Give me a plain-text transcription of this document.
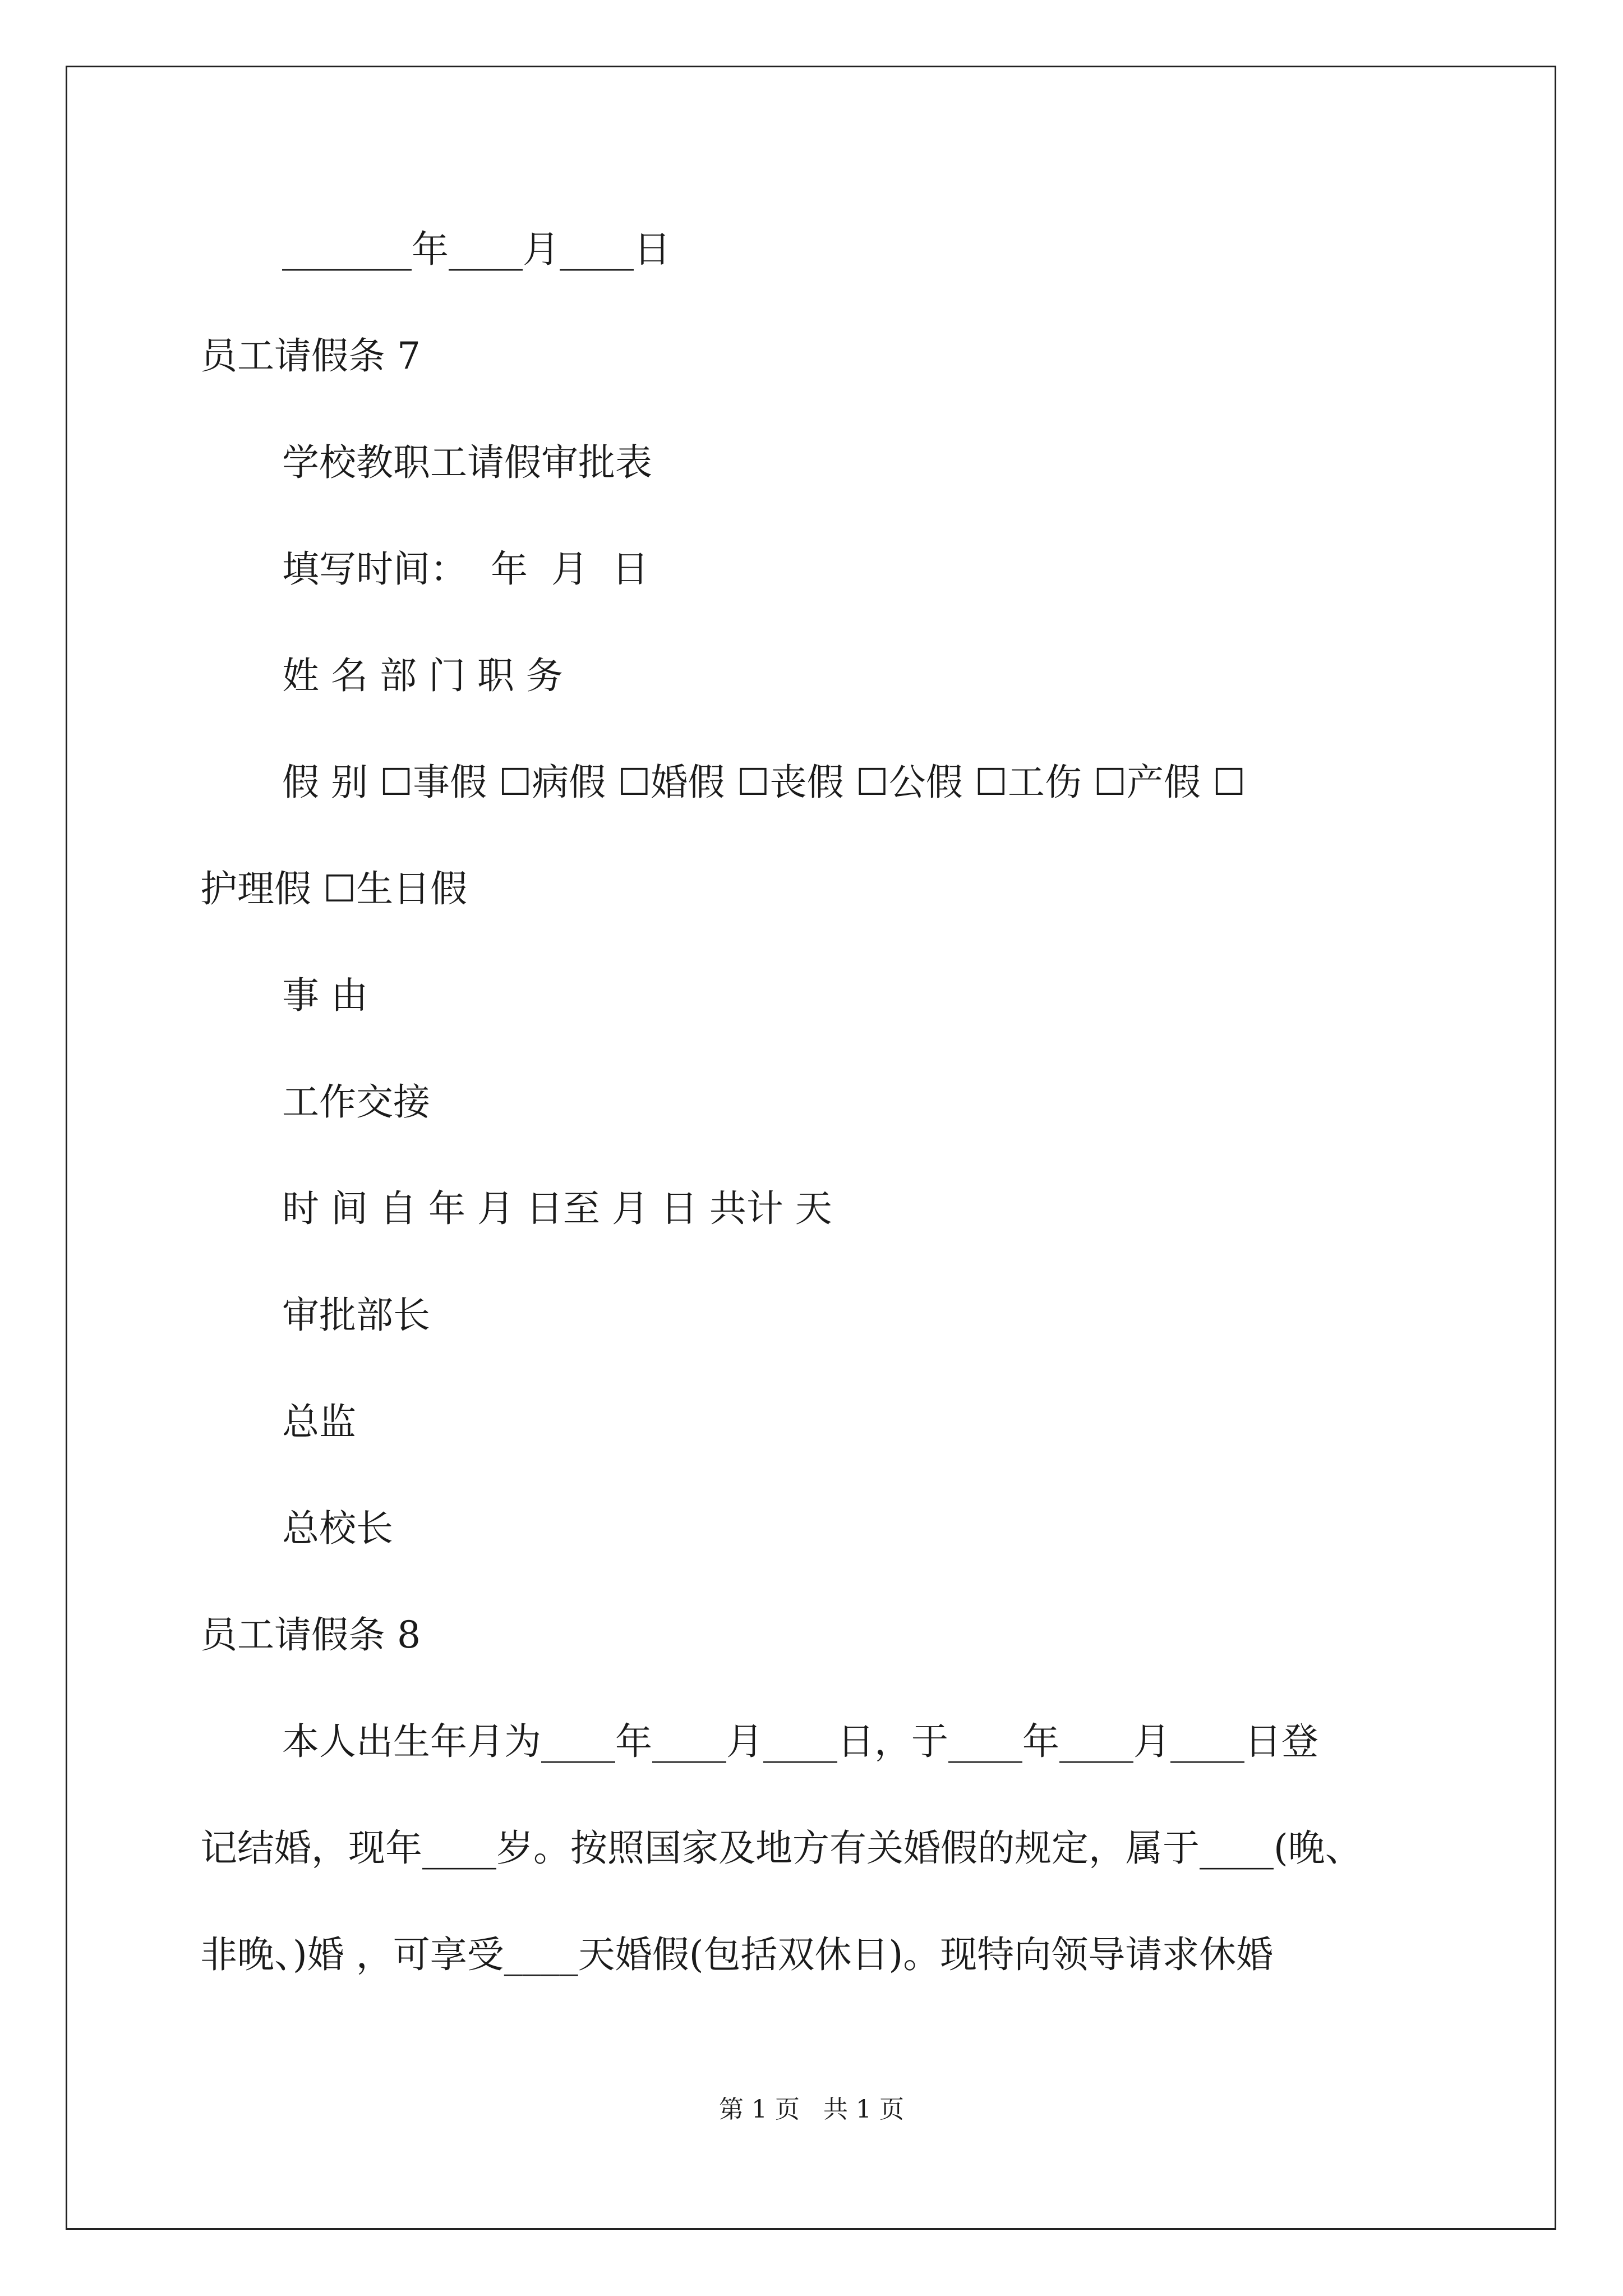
_______年____月____日

员工请假条 7

学校教职工请假审批表

填写时间：  年  月  日

姓 名 部 门 职 务

假 别 ☐事假 ☐病假 ☐婚假 ☐丧假 ☐公假 ☐工伤 ☐产假 ☐

护理假 ☐生日假

事 由

工作交接

时 间 自 年 月 日至 月 日 共计 天

审批部长

总监

总校长

员工请假条 8

本人出生年月为____年____月____日，于____年____月____日登

记结婚，现年____岁。按照国家及地方有关婚假的规定，属于____(晚、

非晚、)婚 ，可享受____天婚假(包括双休日)。现特向领导请求休婚

第 1 页   共 1 页
